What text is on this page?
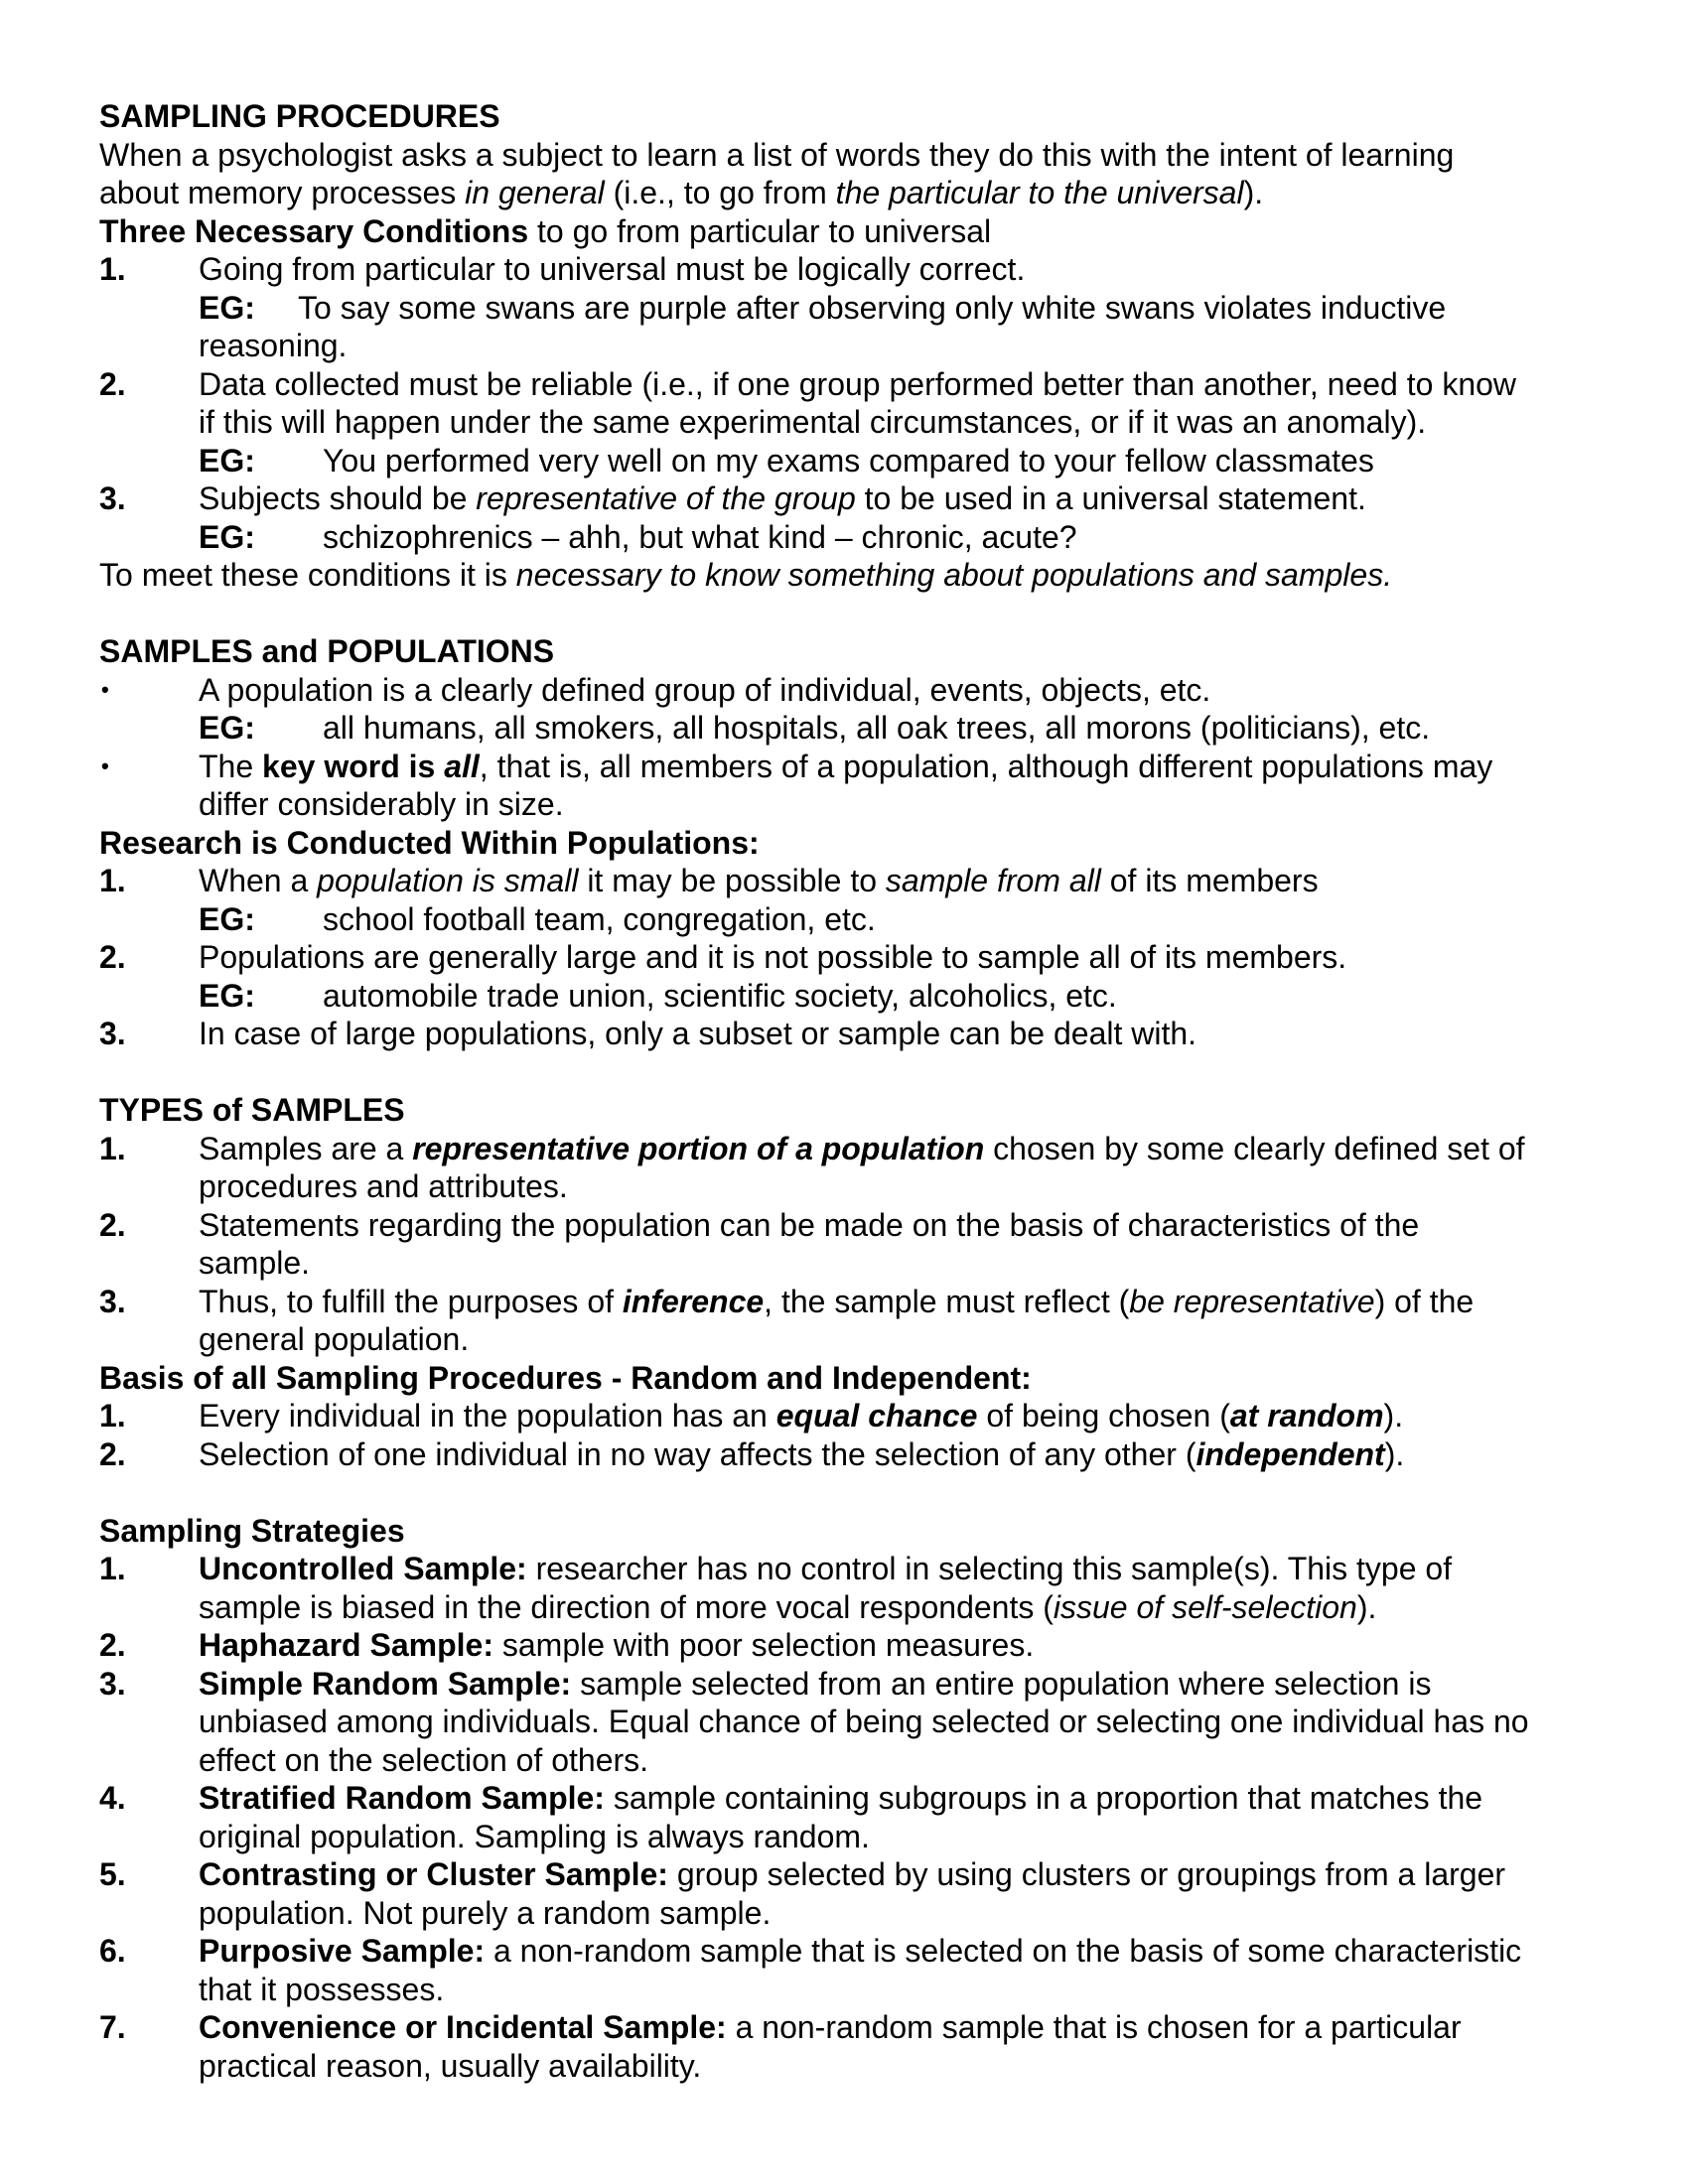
SAMPLING PROCEDURES
When a psychologist asks a subject to learn a list of words they do this with the intent of learning
about memory processes in general (i.e., to go from the particular to the universal).
Three Necessary Conditions to go from particular to universal
1. Going from particular to universal must be logically correct.
EG: To say some swans are purple after observing only white swans violates inductive
reasoning.
2. Data collected must be reliable (i.e., if one group performed better than another, need to know
if this will happen under the same experimental circumstances, or if it was an anomaly).
EG: You performed very well on my exams compared to your fellow classmates
3. Subjects should be representative of the group to be used in a universal statement.
EG: schizophrenics – ahh, but what kind – chronic, acute?
To meet these conditions it is necessary to know something about populations and samples.
SAMPLES and POPULATIONS
•	A population is a clearly defined group of individual, events, objects, etc.
EG: all humans, all smokers, all hospitals, all oak trees, all morons (politicians), etc.
•	The key word is all, that is, all members of a population, although different populations may
differ considerably in size.
Research is Conducted Within Populations:
1. When a population is small it may be possible to sample from all of its members
EG: school football team, congregation, etc.
2. Populations are generally large and it is not possible to sample all of its members.
EG: automobile trade union, scientific society, alcoholics, etc.
3. In case of large populations, only a subset or sample can be dealt with.
TYPES of SAMPLES
1. Samples are a representative portion of a population chosen by some clearly defined set of
procedures and attributes.
2. Statements regarding the population can be made on the basis of characteristics of the
sample.
3. Thus, to fulfill the purposes of inference, the sample must reflect (be representative) of the
general population.
Basis of all Sampling Procedures - Random and Independent:
1. Every individual in the population has an equal chance of being chosen (at random).
2. Selection of one individual in no way affects the selection of any other (independent).
Sampling Strategies
1. Uncontrolled Sample: researcher has no control in selecting this sample(s). This type of
sample is biased in the direction of more vocal respondents (issue of self-selection).
2. Haphazard Sample: sample with poor selection measures.
3. Simple Random Sample: sample selected from an entire population where selection is
unbiased among individuals. Equal chance of being selected or selecting one individual has no
effect on the selection of others.
4. Stratified Random Sample: sample containing subgroups in a proportion that matches the
original population. Sampling is always random.
5. Contrasting or Cluster Sample: group selected by using clusters or groupings from a larger
population. Not purely a random sample.
6. Purposive Sample: a non-random sample that is selected on the basis of some characteristic
that it possesses.
7. Convenience or Incidental Sample: a non-random sample that is chosen for a particular
practical reason, usually availability.
